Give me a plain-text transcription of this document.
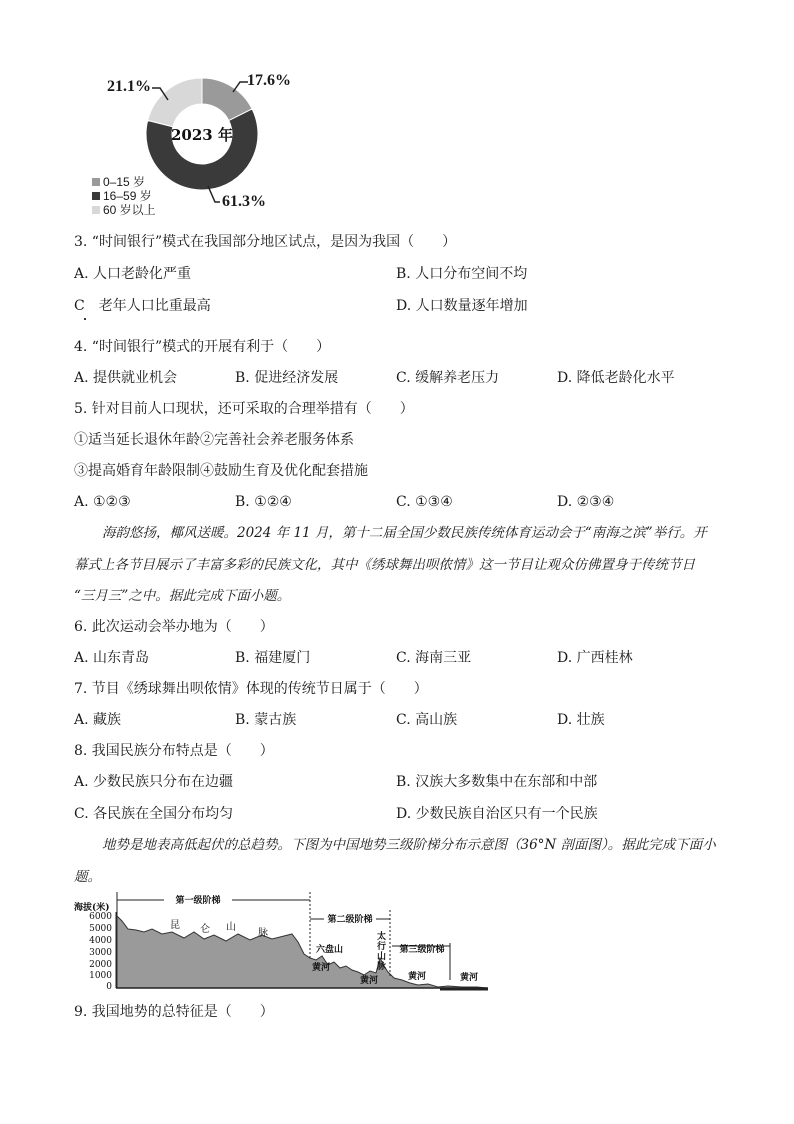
2023 年
17.6%
61.3%
21.1%
0–15 岁
16–59 岁
60 岁以上
3. “时间银行”模式在我国部分地区试点，是因为我国（　　）
A. 人口老龄化严重	B. 人口分布空间不均
C　老年人口比重最高	D. 人口数量逐年增加
4. “时间银行”模式的开展有利于（　　）
A. 提供就业机会	B. 促进经济发展	C. 缓解养老压力	D. 降低老龄化水平
5. 针对目前人口现状，还可采取的合理举措有（　　）
①适当延长退休年龄②完善社会养老服务体系
③提高婚育年龄限制④鼓励生育及优化配套措施
A. ①②③	B. ①②④	C. ①③④	D. ②③④
海韵悠扬，椰风送暖。2024 年 11 月，第十二届全国少数民族传统体育运动会于“南海之滨”举行。开
幕式上各节目展示了丰富多彩的民族文化，其中《绣球舞出呗侬情》这一节目让观众仿佛置身于传统节日
“三月三”之中。据此完成下面小题。
6. 此次运动会举办地为（　　）
A. 山东青岛	B. 福建厦门	C. 海南三亚	D. 广西桂林
7. 节目《绣球舞出呗侬情》体现的传统节日属于（　　）
A. 藏族	B. 蒙古族	C. 高山族	D. 壮族
8. 我国民族分布特点是（　　）
A. 少数民族只分布在边疆	B. 汉族大多数集中在东部和中部
C. 各民族在全国分布均匀	D. 少数民族自治区只有一个民族
地势是地表高低起伏的总趋势。下图为中国地势三级阶梯分布示意图（36°N 剖面图）。据此完成下面小
题。
海拔(米)
6000
5000
4000
3000
2000
1000
0
第一级阶梯
第二级阶梯
第三级阶梯
昆 仑 山
脉
六盘山
太
行
山
脉
黄河
黄河	黄河	黄河
9. 我国地势的总特征是（　　）
